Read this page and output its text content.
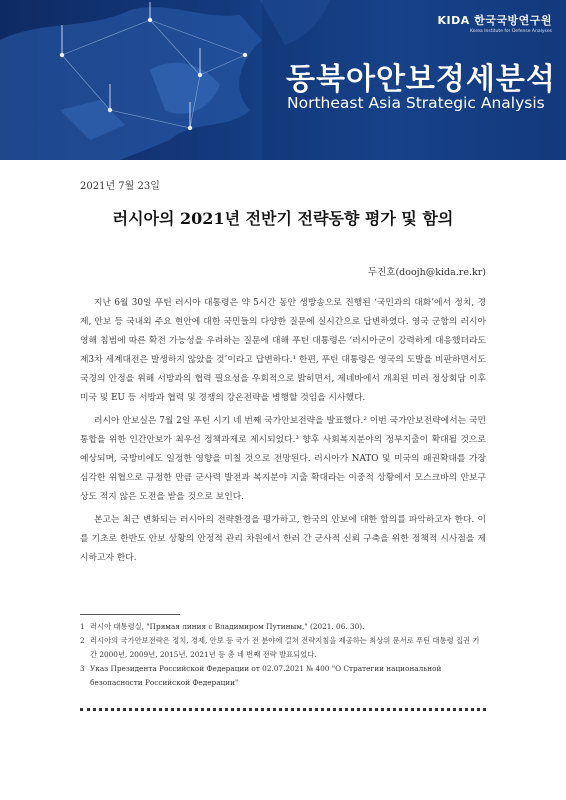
KIDA 한국국방연구원
Korea Institute for Defense Analyses
동북아안보정세분석
Northeast Asia Strategic Analysis
2021년 7월 23일
러시아의 2021년 전반기 전략동향 평가 및 함의
두진호(doojh@kida.re.kr)

지난 6월 30일 푸틴 러시아 대통령은 약 5시간 동안 생방송으로 진행된 ‘국민과의 대화’에서 정치, 경제, 안보 등 국내외 주요 현안에 대한 국민들의 다양한 질문에 실시간으로 답변하였다. 영국 군함의 러시아 영해 침범에 따른 확전 가능성을 우려하는 질문에 대해 푸틴 대통령은 ‘러시아군이 강력하게 대응했더라도 제3차 세계대전은 발생하지 않았을 것’이라고 답변하다.¹ 한편, 푸틴 대통령은 영국의 도발을 비판하면서도 국경의 안정을 위해 서방과의 협력 필요성을 우회적으로 밝히면서, 제네바에서 개최된 미러 정상회담 이후 미국 및 EU 등 서방과 협력 및 경쟁의 강온전략을 병행할 것임을 시사했다.

러시아 안보실은 7월 2일 푸틴 시기 네 번째 국가안보전략을 발표했다.² 이번 국가안보전략에서는 국민통합을 위한 인간안보가 최우선 정책과제로 제시되었다.³ 향후 사회복지분야의 정부지출이 확대될 것으로 예상되며, 국방비에도 일정한 영향을 미칠 것으로 전망된다. 러시아가 NATO 및 미국의 패권확대를 가장 심각한 위협으로 규정한 만큼 군사력 발전과 복지분야 지출 확대라는 이중적 상황에서 모스크바의 안보구상도 적지 않은 도전을 받을 것으로 보인다.

본고는 최근 변화되는 러시아의 전략환경을 평가하고, 한국의 안보에 대한 함의를 파악하고자 한다. 이를 기초로 한반도 안보 상황의 안정적 관리 차원에서 한러 간 군사적 신뢰 구축을 위한 정책적 시사점을 제시하고자 한다.

1 러시아 대통령실, "Прямая линия с Владимиром Путиным," (2021. 06. 30).
2 러시아의 국가안보전략은 정치, 경제, 안보 등 국가 전 분야에 걸쳐 전략지침을 제공하는 최상위 문서로 푸틴 대통령 집권 기간 2000년, 2009년, 2015년, 2021년 등 총 네 번째 전략 발표되었다.
3 Указ Президента Российской Федерации от 02.07.2021 № 400 "О Стратегии национальной безопасности Российской Федерации"
